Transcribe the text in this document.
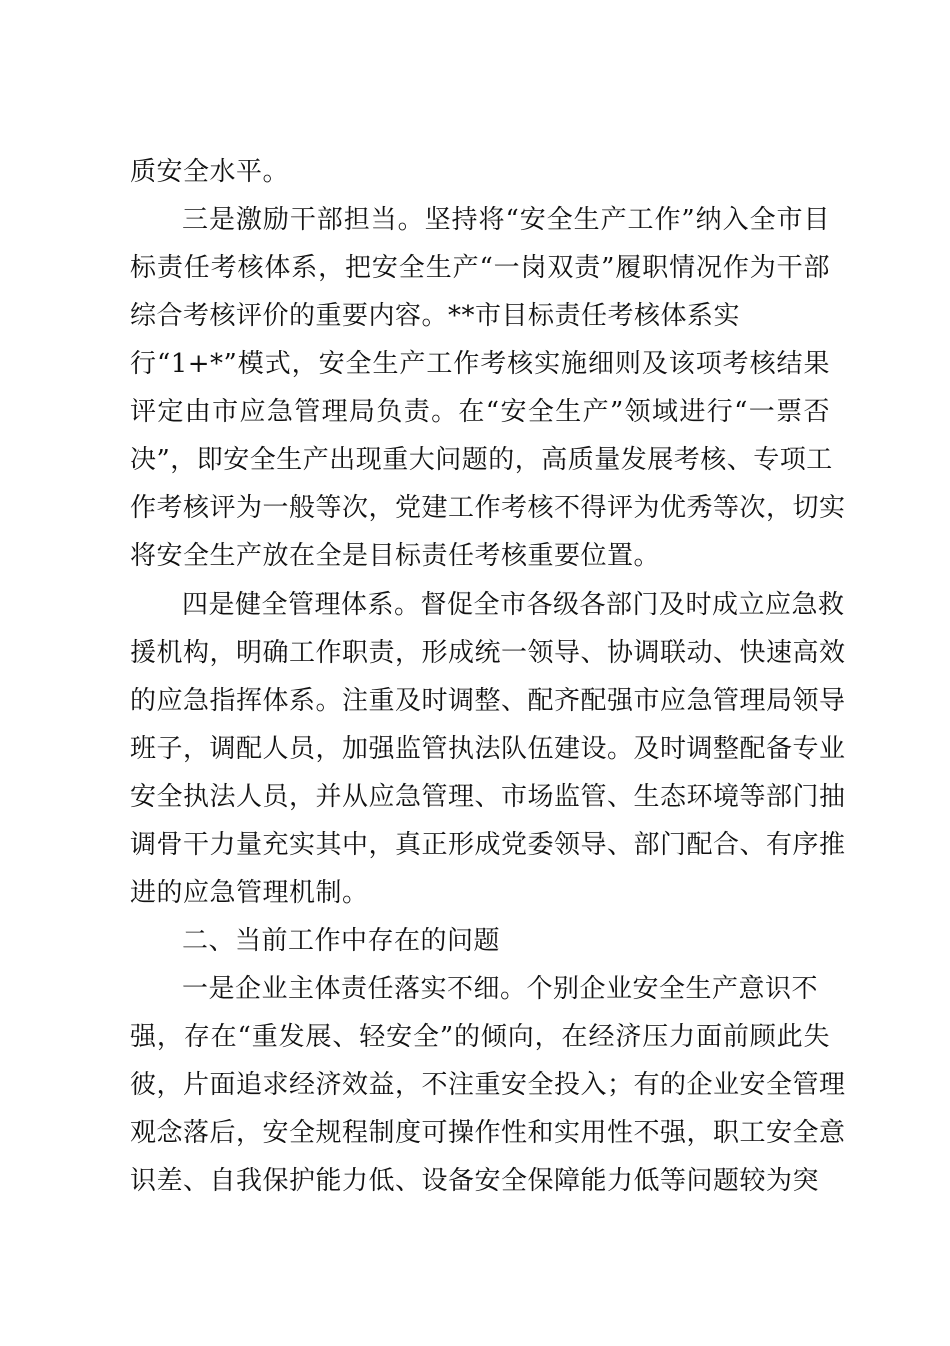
质安全水平。
三是激励干部担当。坚持将“安全生产工作”纳入全市目
标责任考核体系，把安全生产“一岗双责”履职情况作为干部
综合考核评价的重要内容。**市目标责任考核体系实
行“1+*”模式，安全生产工作考核实施细则及该项考核结果
评定由市应急管理局负责。在“安全生产”领域进行“一票否
决”，即安全生产出现重大问题的，高质量发展考核、专项工
作考核评为一般等次，党建工作考核不得评为优秀等次，切实
将安全生产放在全是目标责任考核重要位置。
四是健全管理体系。督促全市各级各部门及时成立应急救
援机构，明确工作职责，形成统一领导、协调联动、快速高效
的应急指挥体系。注重及时调整、配齐配强市应急管理局领导
班子，调配人员，加强监管执法队伍建设。及时调整配备专业
安全执法人员，并从应急管理、市场监管、生态环境等部门抽
调骨干力量充实其中，真正形成党委领导、部门配合、有序推
进的应急管理机制。
二、当前工作中存在的问题
一是企业主体责任落实不细。个别企业安全生产意识不
强，存在“重发展、轻安全”的倾向，在经济压力面前顾此失
彼，片面追求经济效益，不注重安全投入；有的企业安全管理
观念落后，安全规程制度可操作性和实用性不强，职工安全意
识差、自我保护能力低、设备安全保障能力低等问题较为突
